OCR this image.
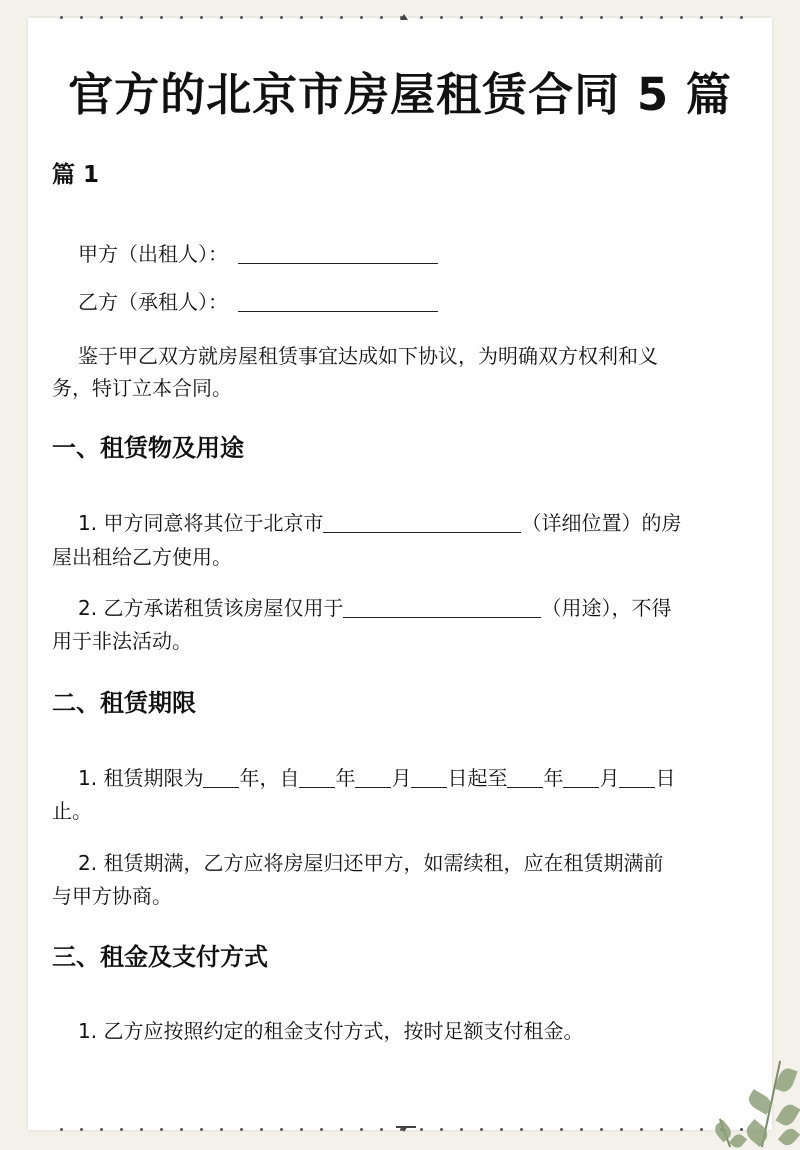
官方的北京市房屋租赁合同 5 篇

篇 1

甲方（出租人）：

乙方（承租人）：

鉴于甲乙双方就房屋租赁事宜达成如下协议，为明确双方权利和义

务，特订立本合同。

一、租赁物及用途

1. 甲方同意将其位于北京市	（详细位置）的房

屋出租给乙方使用。

2. 乙方承诺租赁该房屋仅用于	（用途），不得

用于非法活动。

二、租赁期限

1. 租赁期限为 年，自 年 月 日起至 年 月 日

止。

2. 租赁期满，乙方应将房屋归还甲方，如需续租，应在租赁期满前

与甲方协商。

三、租金及支付方式

1. 乙方应按照约定的租金支付方式，按时足额支付租金。
